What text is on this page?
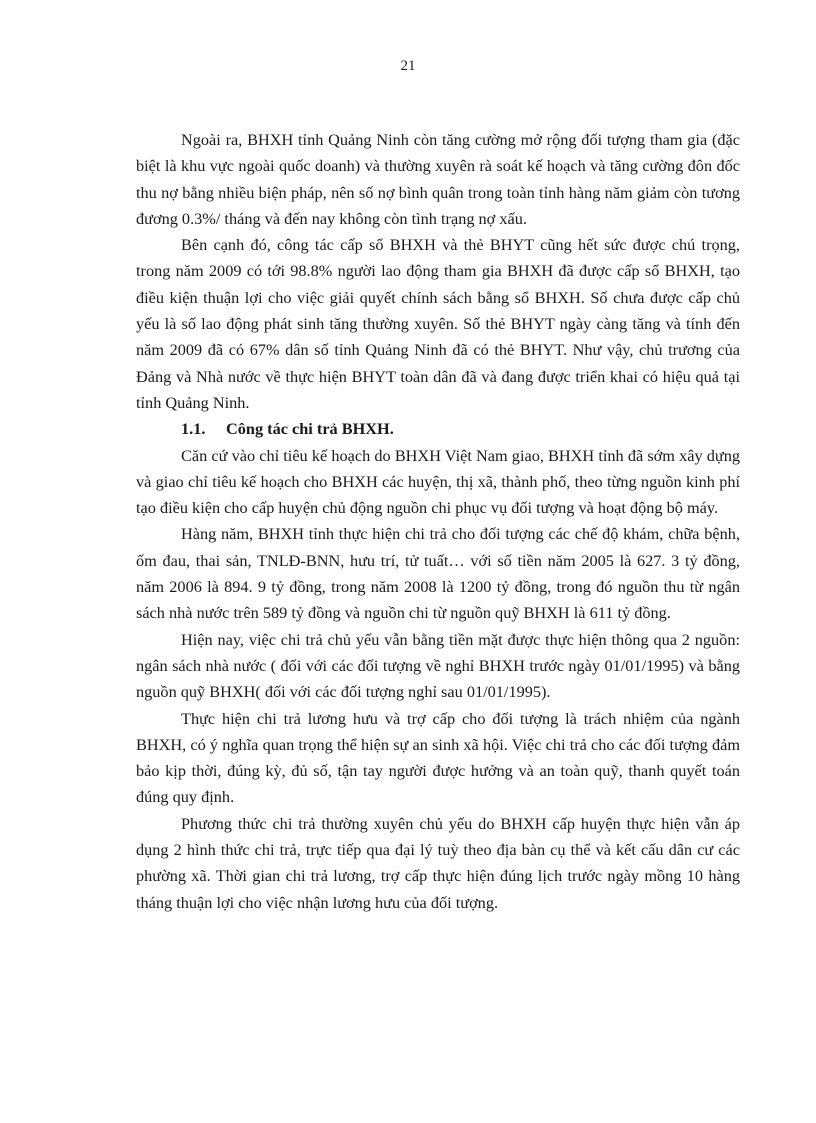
21

Ngoài ra, BHXH tỉnh Quảng Ninh còn tăng cường mở rộng đối tượng tham gia (đặc biệt là khu vực ngoài quốc doanh) và thường xuyên rà soát kế hoạch và tăng cường đôn đốc thu nợ bằng nhiều biện pháp, nên số nợ bình quân trong toàn tỉnh hàng năm giảm còn tương đương 0.3%/ tháng và đến nay không còn tình trạng nợ xấu.

Bên cạnh đó, công tác cấp sổ BHXH và thẻ BHYT cũng hết sức được chú trọng, trong năm 2009 có tới 98.8% người lao động tham gia BHXH đã được cấp sổ BHXH, tạo điều kiện thuận lợi cho việc giải quyết chính sách bằng sổ BHXH. Số chưa được cấp chủ yếu là số lao động phát sinh tăng thường xuyên. Số thẻ BHYT ngày càng tăng và tính đến năm 2009 đã có 67% dân số tỉnh Quảng Ninh đã có thẻ BHYT. Như vậy, chủ trương của Đảng và Nhà nước về thực hiện BHYT toàn dân đã và đang được triển khai có hiệu quả tại tỉnh Quảng Ninh.

1.1. Công tác chi trả BHXH.

Căn cứ vào chỉ tiêu kế hoạch do BHXH Việt Nam giao, BHXH tỉnh đã sớm xây dựng và giao chỉ tiêu kế hoạch cho BHXH các huyện, thị xã, thành phố, theo từng nguồn kinh phí tạo điều kiện cho cấp huyện chủ động nguồn chi phục vụ đối tượng và hoạt động bộ máy.

Hàng năm, BHXH tỉnh thực hiện chi trả cho đối tượng các chế độ khám, chữa bệnh, ốm đau, thai sản, TNLĐ-BNN, hưu trí, tử tuất… với số tiền năm 2005 là 627. 3 tỷ đồng, năm 2006 là 894. 9 tỷ đồng, trong năm 2008 là 1200 tỷ đồng, trong đó nguồn thu từ ngân sách nhà nước trên 589 tỷ đồng và nguồn chi từ nguồn quỹ BHXH là 611 tỷ đồng.

Hiện nay, việc chi trả chủ yếu vẫn bằng tiền mặt được thực hiện thông qua 2 nguồn: ngân sách nhà nước ( đối với các đối tượng về nghỉ BHXH trước ngày 01/01/1995) và bằng nguồn quỹ BHXH( đối với các đối tượng nghỉ sau 01/01/1995).

Thực hiện chi trả lương hưu và trợ cấp cho đối tượng là trách nhiệm của ngành BHXH, có ý nghĩa quan trọng thể hiện sự an sinh xã hội. Việc chi trả cho các đối tượng đảm bảo kịp thời, đúng kỳ, đủ số, tận tay người được hưởng và an toàn quỹ, thanh quyết toán đúng quy định.

Phương thức chi trả thường xuyên chủ yếu do BHXH cấp huyện thực hiện vẫn áp dụng 2 hình thức chi trả, trực tiếp qua đại lý tuỳ theo địa bàn cụ thể và kết cấu dân cư các phường xã. Thời gian chi trả lương, trợ cấp thực hiện đúng lịch trước ngày mồng 10 hàng tháng thuận lợi cho việc nhận lương hưu của đối tượng.
